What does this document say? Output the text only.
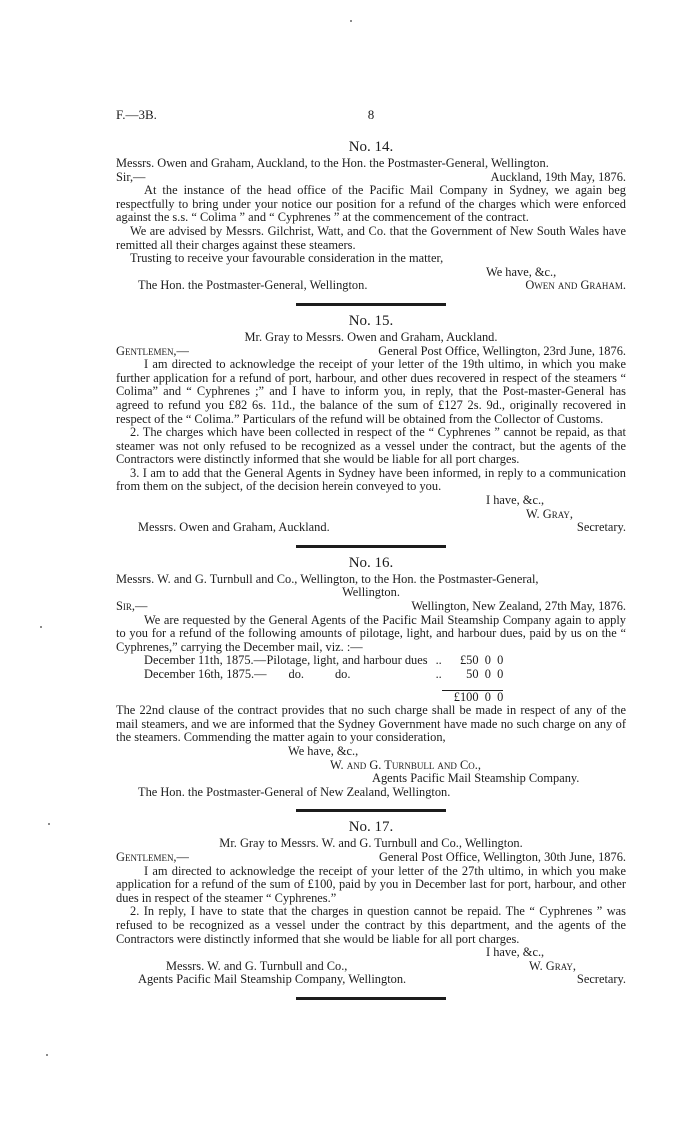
F.—3B.	8
No. 14.

Messrs. Owen and Graham, Auckland, to the Hon. the Postmaster-General, Wellington.

Sir,—	Auckland, 19th May, 1876.

At the instance of the head office of the Pacific Mail Company in Sydney, we again beg respectfully to bring under your notice our position for a refund of the charges which were enforced against the s.s. “ Colima ” and “ Cyphrenes ” at the commencement of the contract.

We are advised by Messrs. Gilchrist, Watt, and Co. that the Government of New South Wales have remitted all their charges against these steamers.

Trusting to receive your favourable consideration in the matter,

We have, &c.,
The Hon. the Postmaster-General, Wellington.	Owen and Graham.
No. 15.

Mr. Gray to Messrs. Owen and Graham, Auckland.

Gentlemen,—	General Post Office, Wellington, 23rd June, 1876.

I am directed to acknowledge the receipt of your letter of the 19th ultimo, in which you make further application for a refund of port, harbour, and other dues recovered in respect of the steamers “ Colima” and “ Cyphrenes ;” and I have to inform you, in reply, that the Post-master-General has agreed to refund you £82 6s. 11d., the balance of the sum of £127 2s. 9d., originally recovered in respect of the “ Colima.” Particulars of the refund will be obtained from the Collector of Customs.

2. The charges which have been collected in respect of the “ Cyphrenes ” cannot be repaid, as that steamer was not only refused to be recognized as a vessel under the contract, but the agents of the Contractors were distinctly informed that she would be liable for all port charges.

3. I am to add that the General Agents in Sydney have been informed, in reply to a communication from them on the subject, of the decision herein conveyed to you.

I have, &c.,
W. Gray,
Messrs. Owen and Graham, Auckland.	Secretary.
No. 16.

Messrs. W. and G. Turnbull and Co., Wellington, to the Hon. the Postmaster-General,

Wellington.

Sir,—	Wellington, New Zealand, 27th May, 1876.

We are requested by the General Agents of the Pacific Mail Steamship Company again to apply to you for a refund of the following amounts of pilotage, light, and harbour dues, paid by us on the “ Cyphrenes,” carrying the December mail, viz. :—

December 11th, 1875.—	Pilotage, light, and harbour dues	..	£50  0  0
December 16th, 1875.—	do.          do.	..	50  0  0

			£100  0  0

The 22nd clause of the contract provides that no such charge shall be made in respect of any of the mail steamers, and we are informed that the Sydney Government have made no such charge on any of the steamers. Commending the matter again to your consideration,

We have, &c.,
W. and G. Turnbull and Co.,
Agents Pacific Mail Steamship Company.
The Hon. the Postmaster-General of New Zealand, Wellington.
No. 17.

Mr. Gray to Messrs. W. and G. Turnbull and Co., Wellington.

Gentlemen,—	General Post Office, Wellington, 30th June, 1876.

I am directed to acknowledge the receipt of your letter of the 27th ultimo, in which you make application for a refund of the sum of £100, paid by you in December last for port, harbour, and other dues in respect of the steamer “ Cyphrenes.”

2. In reply, I have to state that the charges in question cannot be repaid. The “ Cyphrenes ” was refused to be recognized as a vessel under the contract by this department, and the agents of the Contractors were distinctly informed that she would be liable for all port charges.

I have, &c.,
Messrs. W. and G. Turnbull and Co.,	W. Gray,
Agents Pacific Mail Steamship Company, Wellington.	Secretary.
